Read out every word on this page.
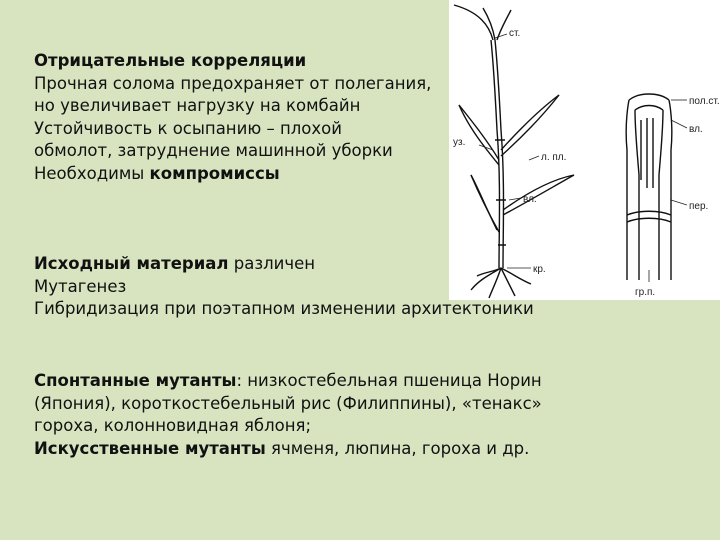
ст.
уз.
л. пл.
вл.
кр.
пол.ст.
вл.
пер.
гр.п.
Отрицательные корреляции
Прочная солома предохраняет от полегания,
но увеличивает нагрузку на комбайн
Устойчивость к осыпанию – плохой
обмолот, затруднение машинной уборки
Необходимы компромиссы
Исходный материал различен
Мутагенез
Гибридизация при поэтапном изменении архитектоники
Спонтанные мутанты: низкостебельная пшеница Норин
(Япония), короткостебельный рис (Филиппины), «тенакс»
гороха, колонновидная яблоня;
Искусственные мутанты ячменя, люпина, гороха и др.
